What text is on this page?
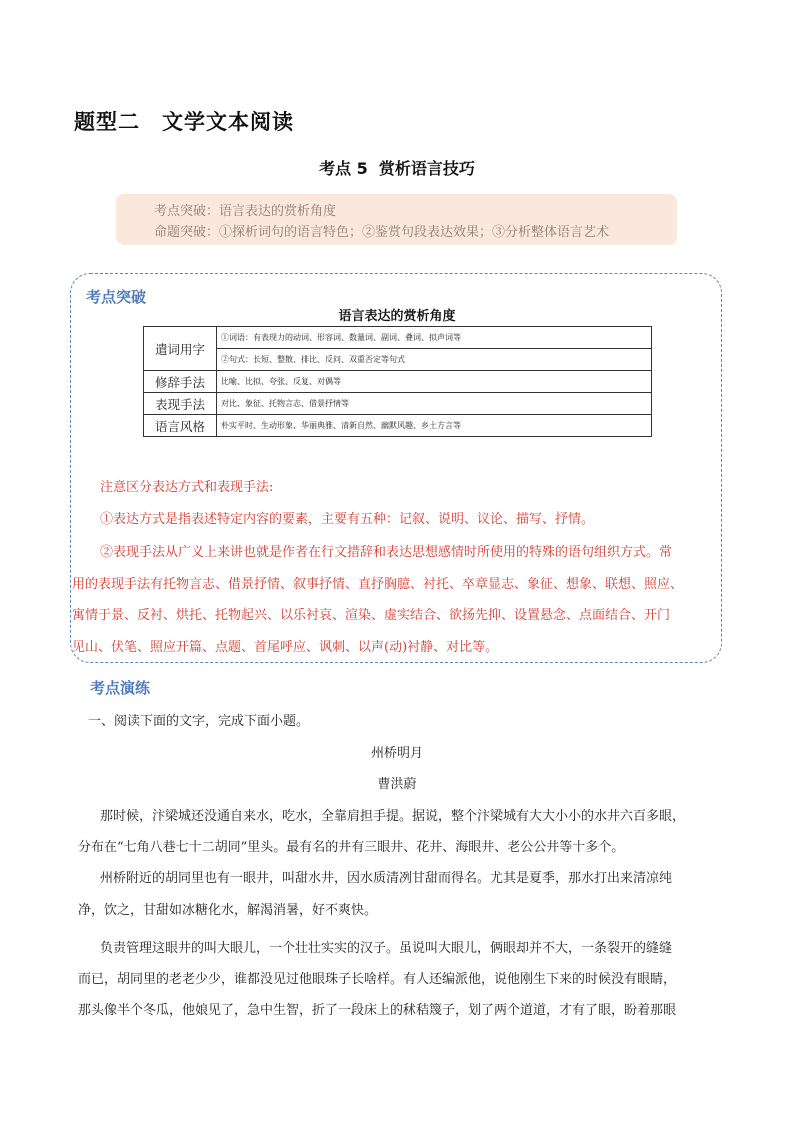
题型二　文学文本阅读
考点 5  赏析语言技巧
考点突破：语言表达的赏析角度
命题突破：①探析词句的语言特色；②鉴赏句段表达效果；③分析整体语言艺术
考点突破
语言表达的赏析角度
遣词用字	①词语：有表现力的动词、形容词、数量词、副词、叠词、拟声词等
	②句式：长短、整散、排比、反问、双重否定等句式
修辞手法	比喻、比拟、夸张、反复、对偶等
表现手法	对比、象征、托物言志、借景抒情等
语言风格	朴实平时、生动形象、华丽典雅、清新自然、幽默风趣、乡土方言等
注意区分表达方式和表现手法:
①表达方式是指表述特定内容的要素，主要有五种：记叙、说明、议论、描写、抒情。
②表现手法从广义上来讲也就是作者在行文措辞和表达思想感情时所使用的特殊的语句组织方式。常
用的表现手法有托物言志、借景抒情、叙事抒情、直抒胸臆、衬托、卒章显志、象征、想象、联想、照应、
寓情于景、反衬、烘托、托物起兴、以乐衬哀、渲染、虚实结合、欲扬先抑、设置悬念、点面结合、开门
见山、伏笔、照应开篇、点题、首尾呼应、讽刺、以声(动)衬静、对比等。
考点演练
一、阅读下面的文字，完成下面小题。
州桥明月
曹洪蔚
那时候，汴梁城还没通自来水，吃水，全靠肩担手提。据说，整个汴梁城有大大小小的水井六百多眼，
分布在“七角八巷七十二胡同”里头。最有名的井有三眼井、花井、海眼井、老公公井等十多个。
州桥附近的胡同里也有一眼井，叫甜水井，因水质清冽甘甜而得名。尤其是夏季，那水打出来清凉纯
净，饮之，甘甜如冰糖化水，解渴消暑，好不爽快。
负责管理这眼井的叫大眼儿，一个壮壮实实的汉子。虽说叫大眼儿，俩眼却并不大，一条裂开的缝缝
而已，胡同里的老老少少，谁都没见过他眼珠子长啥样。有人还编派他，说他刚生下来的时候没有眼睛，
那头像半个冬瓜，他娘见了，急中生智，折了一段床上的秫秸篾子，划了两个道道，才有了眼，盼着那眼
